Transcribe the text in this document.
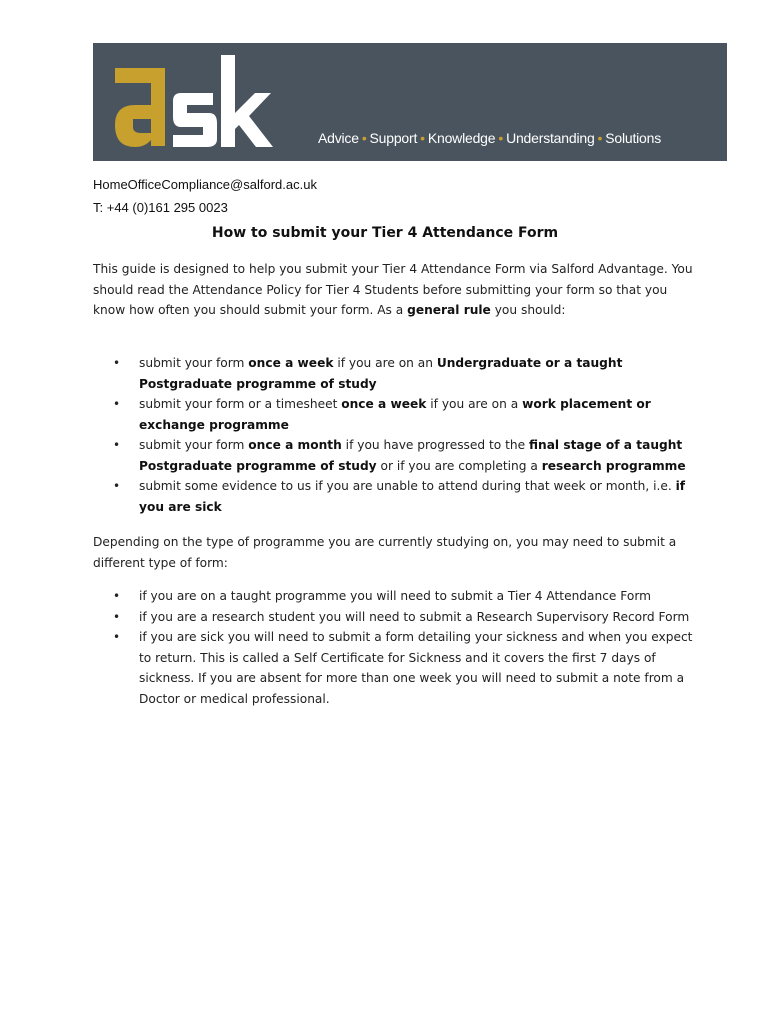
Advice • Support • Knowledge • Understanding • Solutions
HomeOfficeCompliance@salford.ac.uk
T: +44 (0)161 295 0023
How to submit your Tier 4 Attendance Form
This guide is designed to help you submit your Tier 4 Attendance Form via Salford Advantage. You should read the Attendance Policy for Tier 4 Students before submitting your form so that you know how often you should submit your form. As a general rule you should:
• submit your form once a week if you are on an Undergraduate or a taught Postgraduate programme of study
• submit your form or a timesheet once a week if you are on a work placement or exchange programme
• submit your form once a month if you have progressed to the final stage of a taught Postgraduate programme of study or if you are completing a research programme
• submit some evidence to us if you are unable to attend during that week or month, i.e. if you are sick
Depending on the type of programme you are currently studying on, you may need to submit a different type of form:
• if you are on a taught programme you will need to submit a Tier 4 Attendance Form
• if you are a research student you will need to submit a Research Supervisory Record Form
• if you are sick you will need to submit a form detailing your sickness and when you expect to return. This is called a Self Certificate for Sickness and it covers the first 7 days of sickness. If you are absent for more than one week you will need to submit a note from a Doctor or medical professional.
